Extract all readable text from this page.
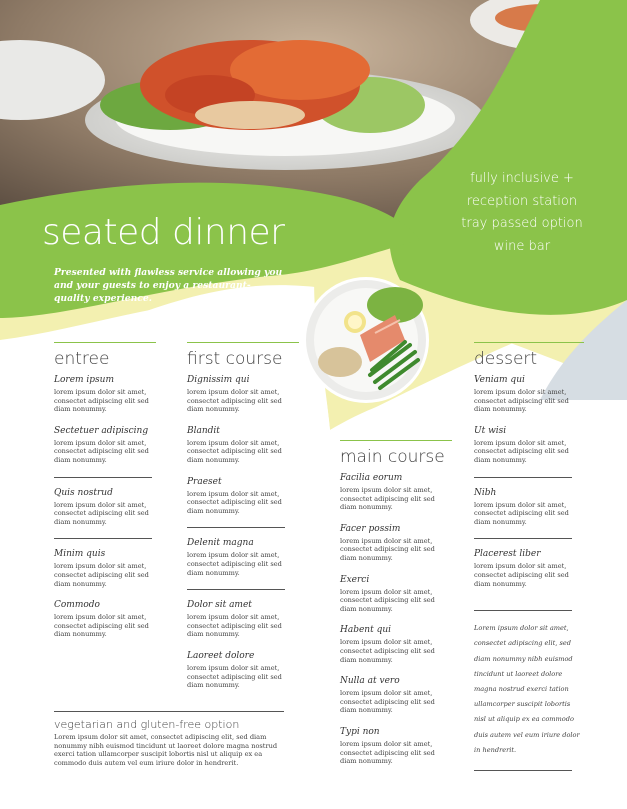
seated dinner
Presented with flawless service allowing you and your guests to enjoy a restaurant-quality experience.
fully inclusive +
reception station
tray passed option
wine bar
entree
Lorem ipsum
lorem ipsum dolor sit amet, consectet adipiscing elit sed diam nonummy.
Sectetuer adipiscing
lorem ipsum dolor sit amet, consectet adipiscing elit sed diam nonummy.
Quis nostrud
lorem ipsum dolor sit amet, consectet adipiscing elit sed diam nonummy.
Minim quis
lorem ipsum dolor sit amet, consectet adipiscing elit sed diam nonummy.
Commodo
lorem ipsum dolor sit amet, consectet adipiscing elit sed diam nonummy.
first course
Dignissim qui
lorem ipsum dolor sit amet, consectet adipiscing elit sed diam nonummy.
Blandit
lorem ipsum dolor sit amet, consectet adipiscing elit sed diam nonummy.
Praeset
lorem ipsum dolor sit amet, consectet adipiscing elit sed diam nonummy.
Delenit magna
lorem ipsum dolor sit amet, consectet adipiscing elit sed diam nonummy.
Dolor sit amet
lorem ipsum dolor sit amet, consectet adipiscing elit sed diam nonummy.
Laoreet dolore
lorem ipsum dolor sit amet, consectet adipiscing elit sed diam nonummy.
main course
Facilia eorum
lorem ipsum dolor sit amet, consectet adipiscing elit sed diam nonummy.
Facer possim
lorem ipsum dolor sit amet, consectet adipiscing elit sed diam nonummy.
Exerci
lorem ipsum dolor sit amet, consectet adipiscing elit sed diam nonummy.
Habent qui
lorem ipsum dolor sit amet, consectet adipiscing elit sed diam nonummy.
Nulla at vero
lorem ipsum dolor sit amet, consectet adipiscing elit sed diam nonummy.
Typi non
lorem ipsum dolor sit amet, consectet adipiscing elit sed diam nonummy.
dessert
Veniam qui
lorem ipsum dolor sit amet, consectet adipiscing elit sed diam nonummy.
Ut wisi
lorem ipsum dolor sit amet, consectet adipiscing elit sed diam nonummy.
Nibh
lorem ipsum dolor sit amet, consectet adipiscing elit sed diam nonummy.
Placerest liber
lorem ipsum dolor sit amet, consectet adipiscing elit sed diam nonummy.
Lorem ipsum dolor sit amet, consectet adipiscing elit, sed diam nonummy nibh euismod tincidunt ut laoreet dolore magna nostrud exerci tation ullamcorper suscipit lobortis nisl ut aliquip ex ea commodo duis autem vel eum iriure dolor in hendrerit.
vegetarian and gluten-free option
Lorem ipsum dolor sit amet, consectet adipiscing elit, sed diam nonummy nibh euismod tincidunt ut laoreet dolore magna nostrud exerci tation ullamcorper suscipit lobortis nisl ut aliquip ex ea commodo duis autem vel eum iriure dolor in hendrerit.
